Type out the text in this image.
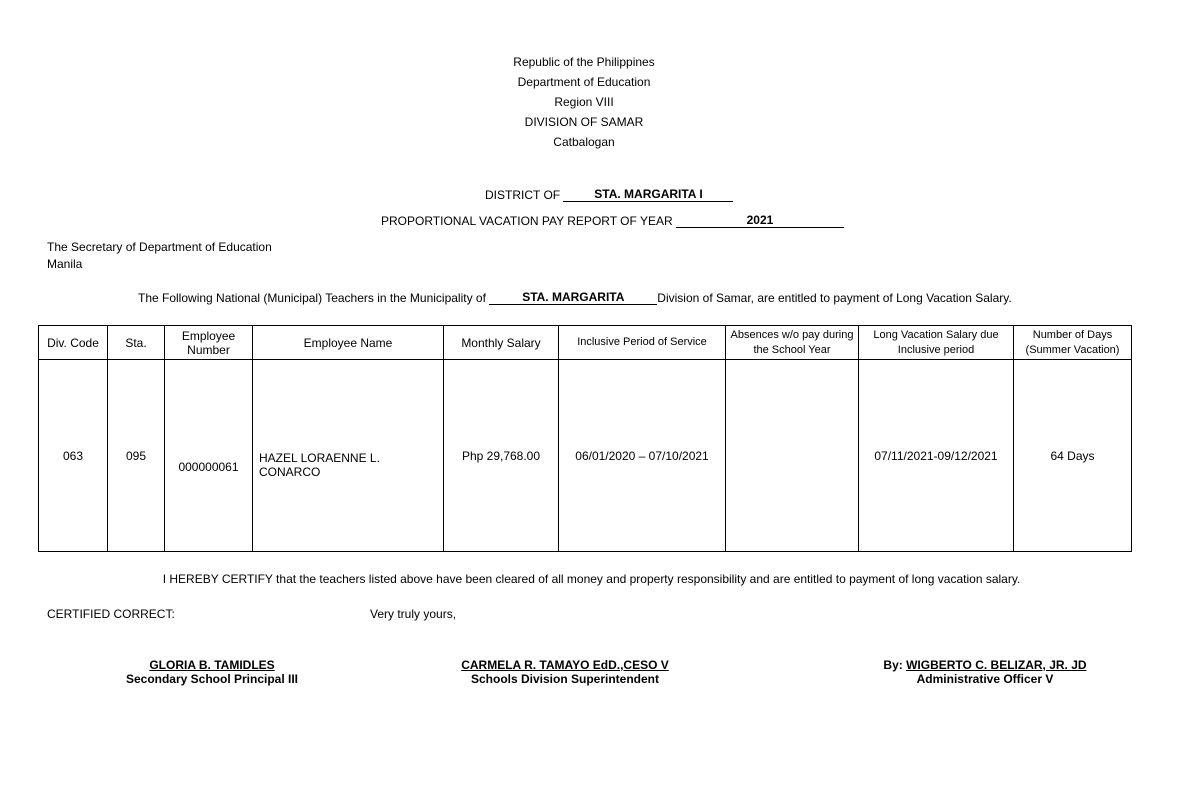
Republic of the Philippines
Department of Education
Region VIII
DIVISION OF SAMAR
Catbalogan
DISTRICT OF	STA. MARGARITA I
PROPORTIONAL VACATION PAY REPORT OF YEAR	2021
The Secretary of Department of Education
Manila
The Following National (Municipal) Teachers in the Municipality of	STA. MARGARITA	Division of Samar, are entitled to payment of Long Vacation Salary.
Div. Code	Sta.	Employee Number	Employee Name	Monthly Salary	Inclusive Period of Service	Absences w/o pay during the School Year	Long Vacation Salary due Inclusive period	Number of Days (Summer Vacation)
063	095	000000061	HAZEL LORAENNE L. CONARCO	Php 29,768.00	06/01/2020 – 07/10/2021		07/11/2021-09/12/2021	64 Days
I HEREBY CERTIFY that the teachers listed above have been cleared of all money and property responsibility and are entitled to payment of long vacation salary.
CERTIFIED CORRECT:	Very truly yours,
GLORIA B. TAMIDLES
Secondary School Principal III
CARMELA R. TAMAYO EdD.,CESO V
Schools Division Superintendent
By: WIGBERTO C. BELIZAR, JR. JD
Administrative Officer V
